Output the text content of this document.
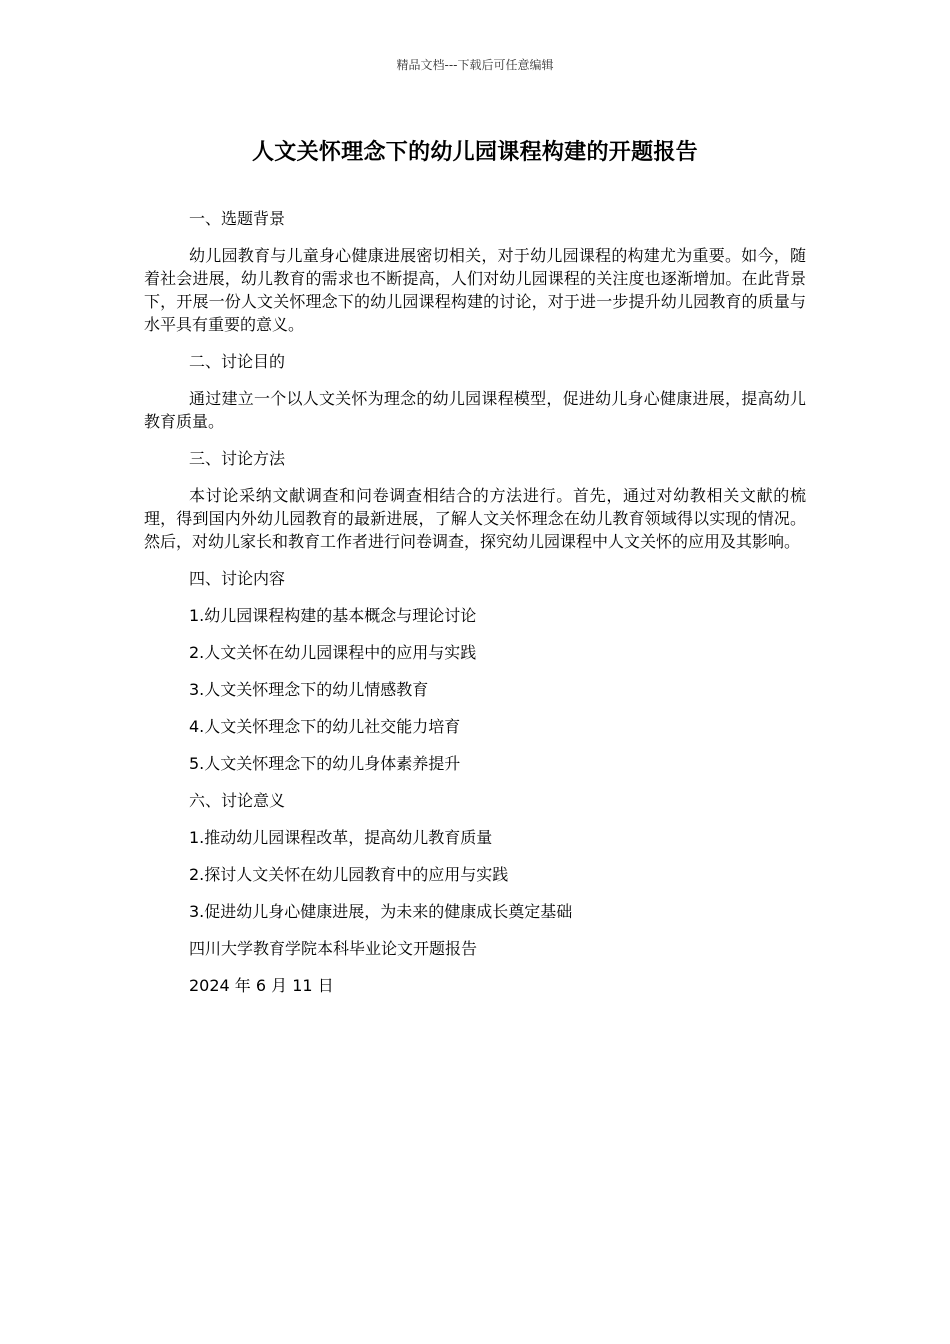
精品文档---下载后可任意编辑
人文关怀理念下的幼儿园课程构建的开题报告
一、选题背景
幼儿园教育与儿童身心健康进展密切相关，对于幼儿园课程的构建尤为重要。如今，随着社会进展，幼儿教育的需求也不断提高，人们对幼儿园课程的关注度也逐渐增加。在此背景下，开展一份人文关怀理念下的幼儿园课程构建的讨论，对于进一步提升幼儿园教育的质量与水平具有重要的意义。
二、讨论目的
通过建立一个以人文关怀为理念的幼儿园课程模型，促进幼儿身心健康进展，提高幼儿教育质量。
三、讨论方法
本讨论采纳文献调查和问卷调查相结合的方法进行。首先，通过对幼教相关文献的梳理，得到国内外幼儿园教育的最新进展，了解人文关怀理念在幼儿教育领域得以实现的情况。然后，对幼儿家长和教育工作者进行问卷调查，探究幼儿园课程中人文关怀的应用及其影响。
四、讨论内容
1.幼儿园课程构建的基本概念与理论讨论
2.人文关怀在幼儿园课程中的应用与实践
3.人文关怀理念下的幼儿情感教育
4.人文关怀理念下的幼儿社交能力培育
5.人文关怀理念下的幼儿身体素养提升
六、讨论意义
1.推动幼儿园课程改革，提高幼儿教育质量
2.探讨人文关怀在幼儿园教育中的应用与实践
3.促进幼儿身心健康进展，为未来的健康成长奠定基础
四川大学教育学院本科毕业论文开题报告
2024 年 6 月 11 日
